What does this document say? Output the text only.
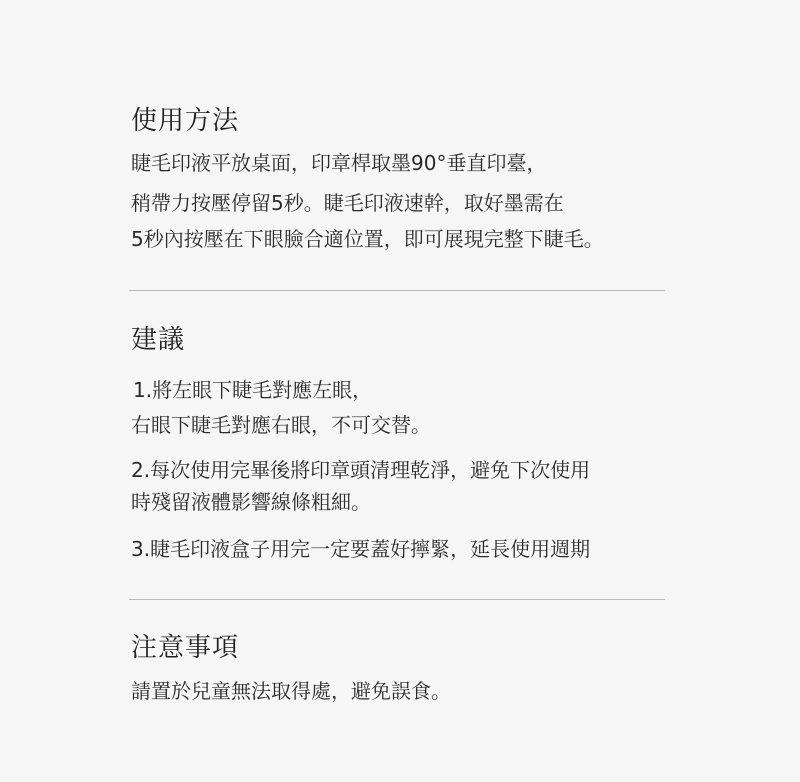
使用方法
睫毛印液平放桌面，印章桿取墨90°垂直印臺，
稍帶力按壓停留5秒。睫毛印液速幹，取好墨需在
5秒內按壓在下眼臉合適位置，即可展現完整下睫毛。
建議
1.將左眼下睫毛對應左眼，
右眼下睫毛對應右眼，不可交替。
2.每次使用完畢後將印章頭清理乾淨，避免下次使用
時殘留液體影響線條粗細。
3.睫毛印液盒子用完一定要蓋好擰緊，延長使用週期
注意事項
請置於兒童無法取得處，避免誤食。
